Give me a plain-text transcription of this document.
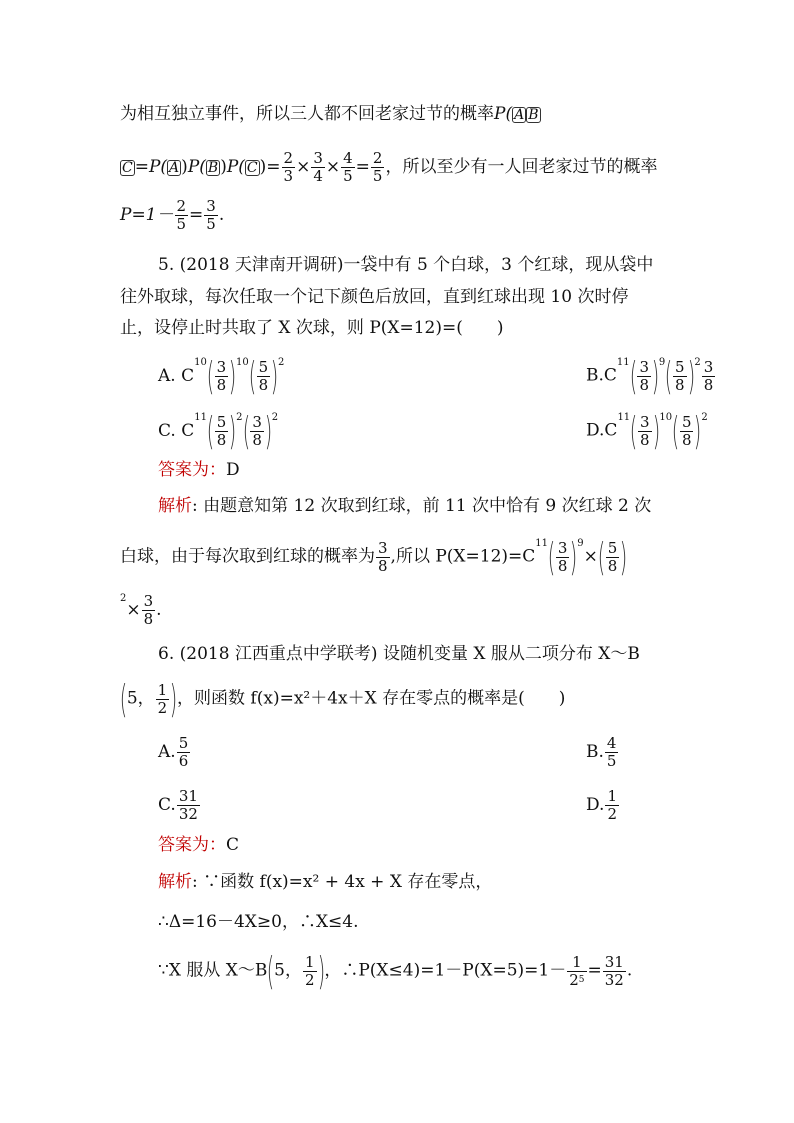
为相互独立事件，所以三人都不回老家过节的概率P( A B
C =P( A )P( B )P( C )= $\frac{2}{3} \times \frac{3}{4} \times \frac{4}{5} = \frac{2}{5}$ ，所以至少有一人回老家过节的概率
$P=1- \frac{2}{5} = \frac{3}{5}$ .
5. (2018 天津南开调研)一袋中有 5 个白球，3 个红球，现从袋中
往外取球，每次任取一个记下颜色后放回，直到红球出现 10 次时停
止，设停止时共取了 X 次球，则 P(X=12)=(　　)
A. $C^{10}( \frac{3}{8} )^{10}( \frac{5}{8} )^2$
$B.C^{11}( \frac{3}{8} )^9( \frac{5}{8} )^2 \frac{3}{8}$
C. $C^{11}( \frac{5}{8} )^2( \frac{3}{8} )^2$
$D.C^{11}( \frac{3}{8} )^{10}( \frac{5}{8} )^2$
答案为：D
解析: 由题意知第 12 次取到红球，前 11 次中恰有 9 次红球 2 次
白球，由于每次取到红球的概率为 $\frac{3}{8}$ ,所以 $P(X=12)=C^{11}( \frac{3}{8} )^9\times( \frac{5}{8}$ )
$^2\times \frac{3}{8}$ .
6. (2018 江西重点中学联考) 设随机变量 X 服从二项分布 X～B
(5， $\frac{1}{2}$ )，则函数 f(x)=x²＋4x＋X 存在零点的概率是(　　)
A. $\frac{5}{6}$	B. $\frac{4}{5}$
C. $\frac{31}{32}$	D. $\frac{1}{2}$
答案为：C
解析: ∵函数 f(x)=x² + 4x + X 存在零点，
∴Δ=16－4X≥0，∴X≤4.
∵X 服从 X～B(5， $\frac{1}{2}$ )，∴P(X≤4)=1－P(X=5)=1－ $\frac{1}{2^5} = \frac{31}{32}$ .
